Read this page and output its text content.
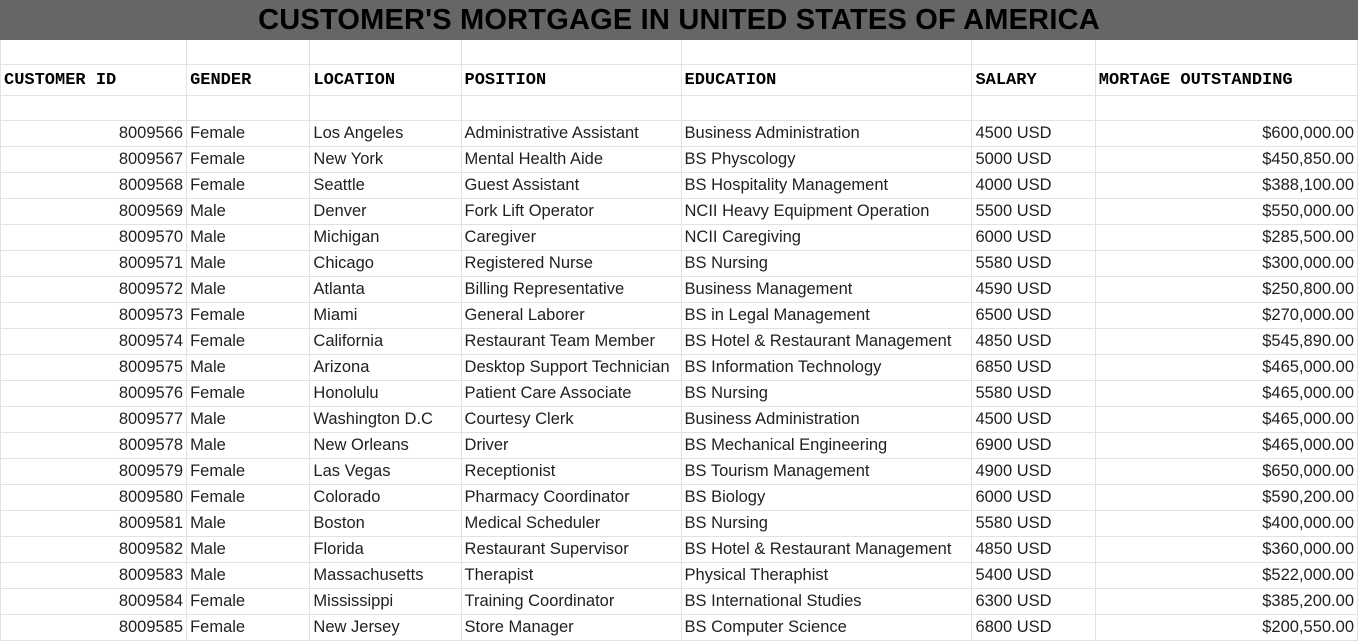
CUSTOMER'S MORTGAGE IN UNITED STATES OF AMERICA

CUSTOMER ID	GENDER	LOCATION	POSITION	EDUCATION	SALARY	MORTAGE OUTSTANDING

8009566	Female	Los Angeles	Administrative Assistant	Business Administration	4500 USD	$600,000.00
8009567	Female	New York	Mental Health Aide	BS Physcology	5000 USD	$450,850.00
8009568	Female	Seattle	Guest Assistant	BS Hospitality Management	4000 USD	$388,100.00
8009569	Male	Denver	Fork Lift Operator	NCII Heavy Equipment Operation	5500 USD	$550,000.00
8009570	Male	Michigan	Caregiver	NCII Caregiving	6000 USD	$285,500.00
8009571	Male	Chicago	Registered Nurse	BS Nursing	5580 USD	$300,000.00
8009572	Male	Atlanta	Billing Representative	Business Management	4590 USD	$250,800.00
8009573	Female	Miami	General Laborer	BS in Legal Management	6500 USD	$270,000.00
8009574	Female	California	Restaurant Team Member	BS Hotel & Restaurant Management	4850 USD	$545,890.00
8009575	Male	Arizona	Desktop Support Technician	BS Information Technology	6850 USD	$465,000.00
8009576	Female	Honolulu	Patient Care Associate	BS Nursing	5580 USD	$465,000.00
8009577	Male	Washington D.C	Courtesy Clerk	Business Administration	4500 USD	$465,000.00
8009578	Male	New Orleans	Driver	BS Mechanical Engineering	6900 USD	$465,000.00
8009579	Female	Las Vegas	Receptionist	BS Tourism Management	4900 USD	$650,000.00
8009580	Female	Colorado	Pharmacy Coordinator	BS Biology	6000 USD	$590,200.00
8009581	Male	Boston	Medical Scheduler	BS Nursing	5580 USD	$400,000.00
8009582	Male	Florida	Restaurant Supervisor	BS Hotel & Restaurant Management	4850 USD	$360,000.00
8009583	Male	Massachusetts	Therapist	Physical Theraphist	5400 USD	$522,000.00
8009584	Female	Mississippi	Training Coordinator	BS International Studies	6300 USD	$385,200.00
8009585	Female	New Jersey	Store Manager	BS Computer Science	6800 USD	$200,550.00
